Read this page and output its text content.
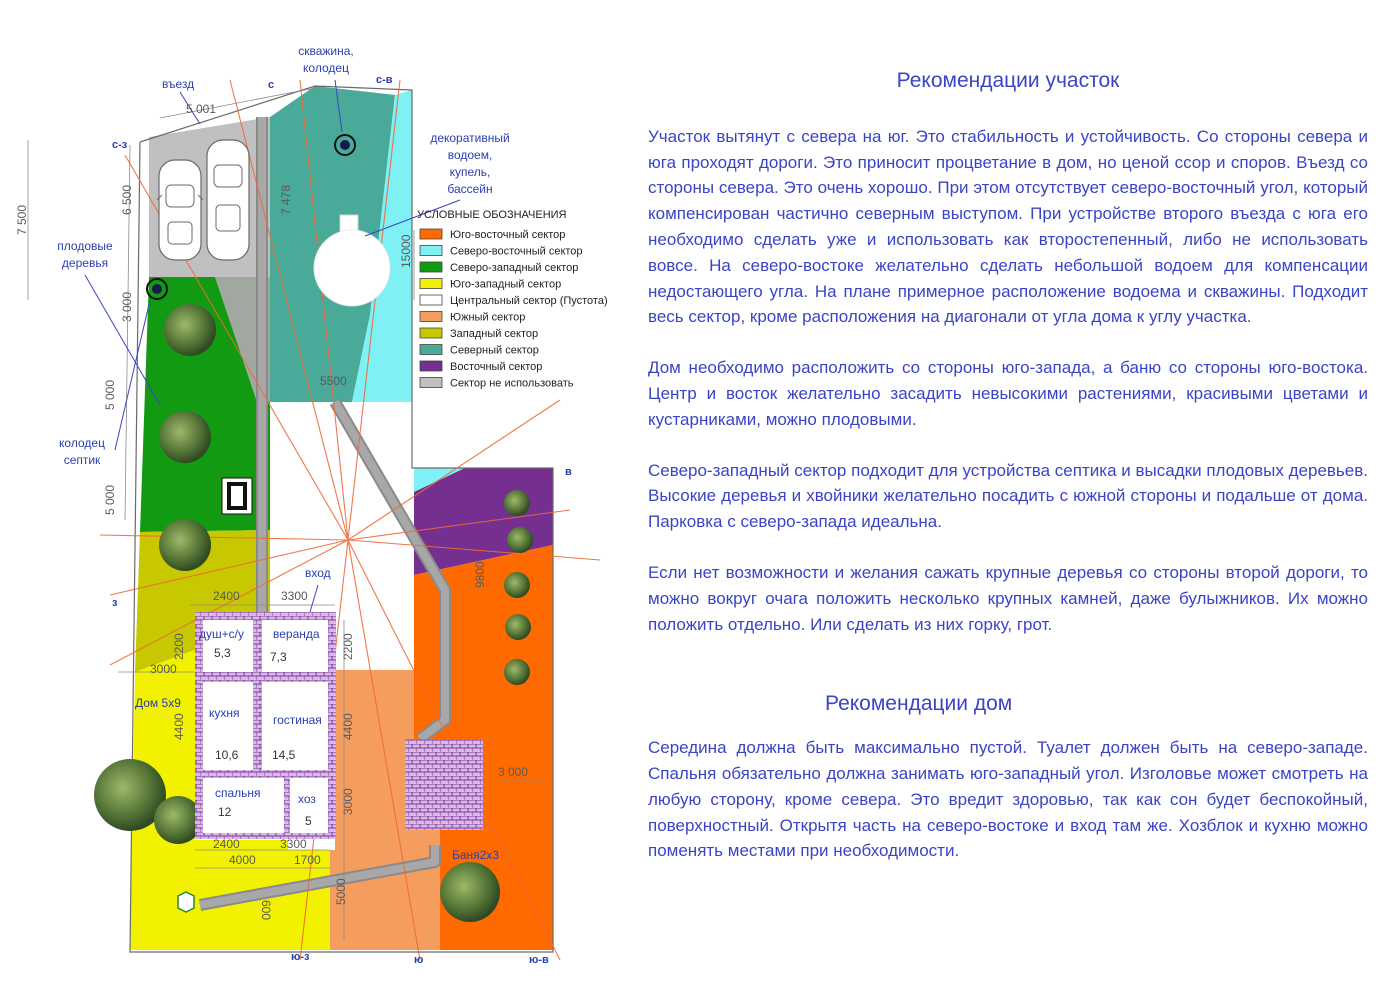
УСЛОВНЫЕ ОБОЗНАЧЕНИЯ
Юго-восточный сектор
Северо-восточный сектор
Северо-западный сектор
Юго-западный сектор
Центральный сектор (Пустота)
Южный сектор
Западный сектор
Северный сектор
Восточный сектор
Сектор не использовать
въезд
скважина, колодец
декоративный водоем, купель, бассейн
плодовые деревья
колодец септик
вход
с	с-в
с-з
в
з
ю
ю-з	ю-в
5 001
7 500
6 500
3 000
5 000
5 000
7 478
15000
5500
2400	3300
2200
3000
4400
2200
4400
3000
2400	3300
4000	1700
5000
3 000
9800
600
душ+с/у
5,3
веранда
7,3
кухня
10,6
гостиная
14,5
спальня
12
хоз
5
Дом 5х9
Баня2х3
Рекомендации участок

Участок вытянут с севера на юг. Это стабильность и устойчивость. Со стороны севера и юга проходят дороги. Это приносит процветание в дом, но ценой ссор и споров. Въезд со стороны севера. Это очень хорошо. При этом отсутствует северо-восточный угол, который компенсирован частично северным выступом. При устройстве второго въезда с юга его необходимо сделать уже и использовать как второстепенный, либо не использовать вовсе. На северо-востоке желательно сделать небольшой водоем для компенсации недостающего угла. На плане примерное расположение водоема и скважины. Подходит весь сектор, кроме расположения на диагонали от угла дома к углу участка.

Дом необходимо расположить со стороны юго-запада, а баню со стороны юго-востока. Центр и восток желательно засадить невысокими растениями, красивыми цветами и кустарниками, можно плодовыми.

Северо-западный сектор подходит для устройства септика и высадки плодовых деревьев. Высокие деревья и хвойники желательно посадить с южной стороны и подальше от дома. Парковка с северо-запада идеальна.

Если нет возможности и желания сажать крупные деревья со стороны второй дороги, то можно вокруг очага положить несколько крупных камней, даже булыжников. Их можно положить отдельно. Или сделать из них горку, грот.

Рекомендации дом

Середина должна быть максимально пустой. Туалет должен быть на северо-западе. Спальня обязательно должна занимать юго-западный угол. Изголовье может смотреть на любую сторону, кроме севера. Это вредит здоровью, так как сон будет беспокойный, поверхностный. Открытя часть на северо-востоке и вход там же. Хозблок и кухню можно поменять местами при необходимости.
